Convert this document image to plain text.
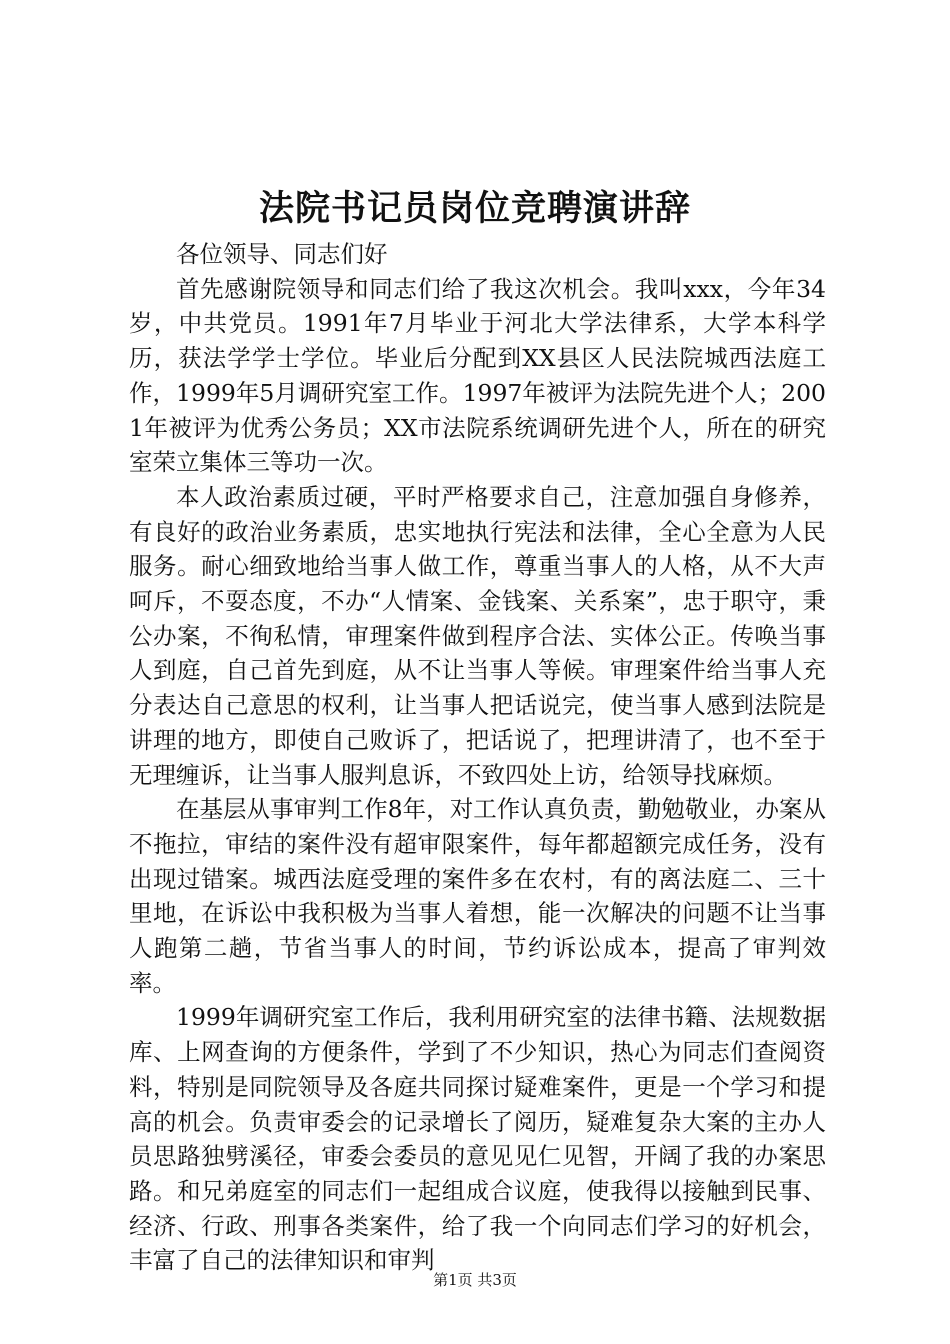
法院书记员岗位竞聘演讲辞

各位领导、同志们好

首先感谢院领导和同志们给了我这次机会。我叫xxx，今年34岁，中共党员。1991年7月毕业于河北大学法律系，大学本科学历，获法学学士学位。毕业后分配到XX县区人民法院城西法庭工作，1999年5月调研究室工作。1997年被评为法院先进个人；2001年被评为优秀公务员；XX市法院系统调研先进个人，所在的研究室荣立集体三等功一次。

本人政治素质过硬，平时严格要求自己，注意加强自身修养，有良好的政治业务素质，忠实地执行宪法和法律，全心全意为人民服务。耐心细致地给当事人做工作，尊重当事人的人格，从不大声呵斥，不耍态度，不办“人情案、金钱案、关系案”，忠于职守，秉公办案，不徇私情，审理案件做到程序合法、实体公正。传唤当事人到庭，自己首先到庭，从不让当事人等候。审理案件给当事人充分表达自己意思的权利，让当事人把话说完，使当事人感到法院是讲理的地方，即使自己败诉了，把话说了，把理讲清了，也不至于无理缠诉，让当事人服判息诉，不致四处上访，给领导找麻烦。

在基层从事审判工作8年，对工作认真负责，勤勉敬业，办案从不拖拉，审结的案件没有超审限案件，每年都超额完成任务，没有出现过错案。城西法庭受理的案件多在农村，有的离法庭二、三十里地，在诉讼中我积极为当事人着想，能一次解决的问题不让当事人跑第二趟，节省当事人的时间，节约诉讼成本，提高了审判效率。

1999年调研究室工作后，我利用研究室的法律书籍、法规数据库、上网查询的方便条件，学到了不少知识，热心为同志们查阅资料，特别是同院领导及各庭共同探讨疑难案件，更是一个学习和提高的机会。负责审委会的记录增长了阅历，疑难复杂大案的主办人员思路独劈溪径，审委会委员的意见见仁见智，开阔了我的办案思路。和兄弟庭室的同志们一起组成合议庭，使我得以接触到民事、经济、行政、刑事各类案件，给了我一个向同志们学习的好机会，丰富了自己的法律知识和审判

第1页 共3页
